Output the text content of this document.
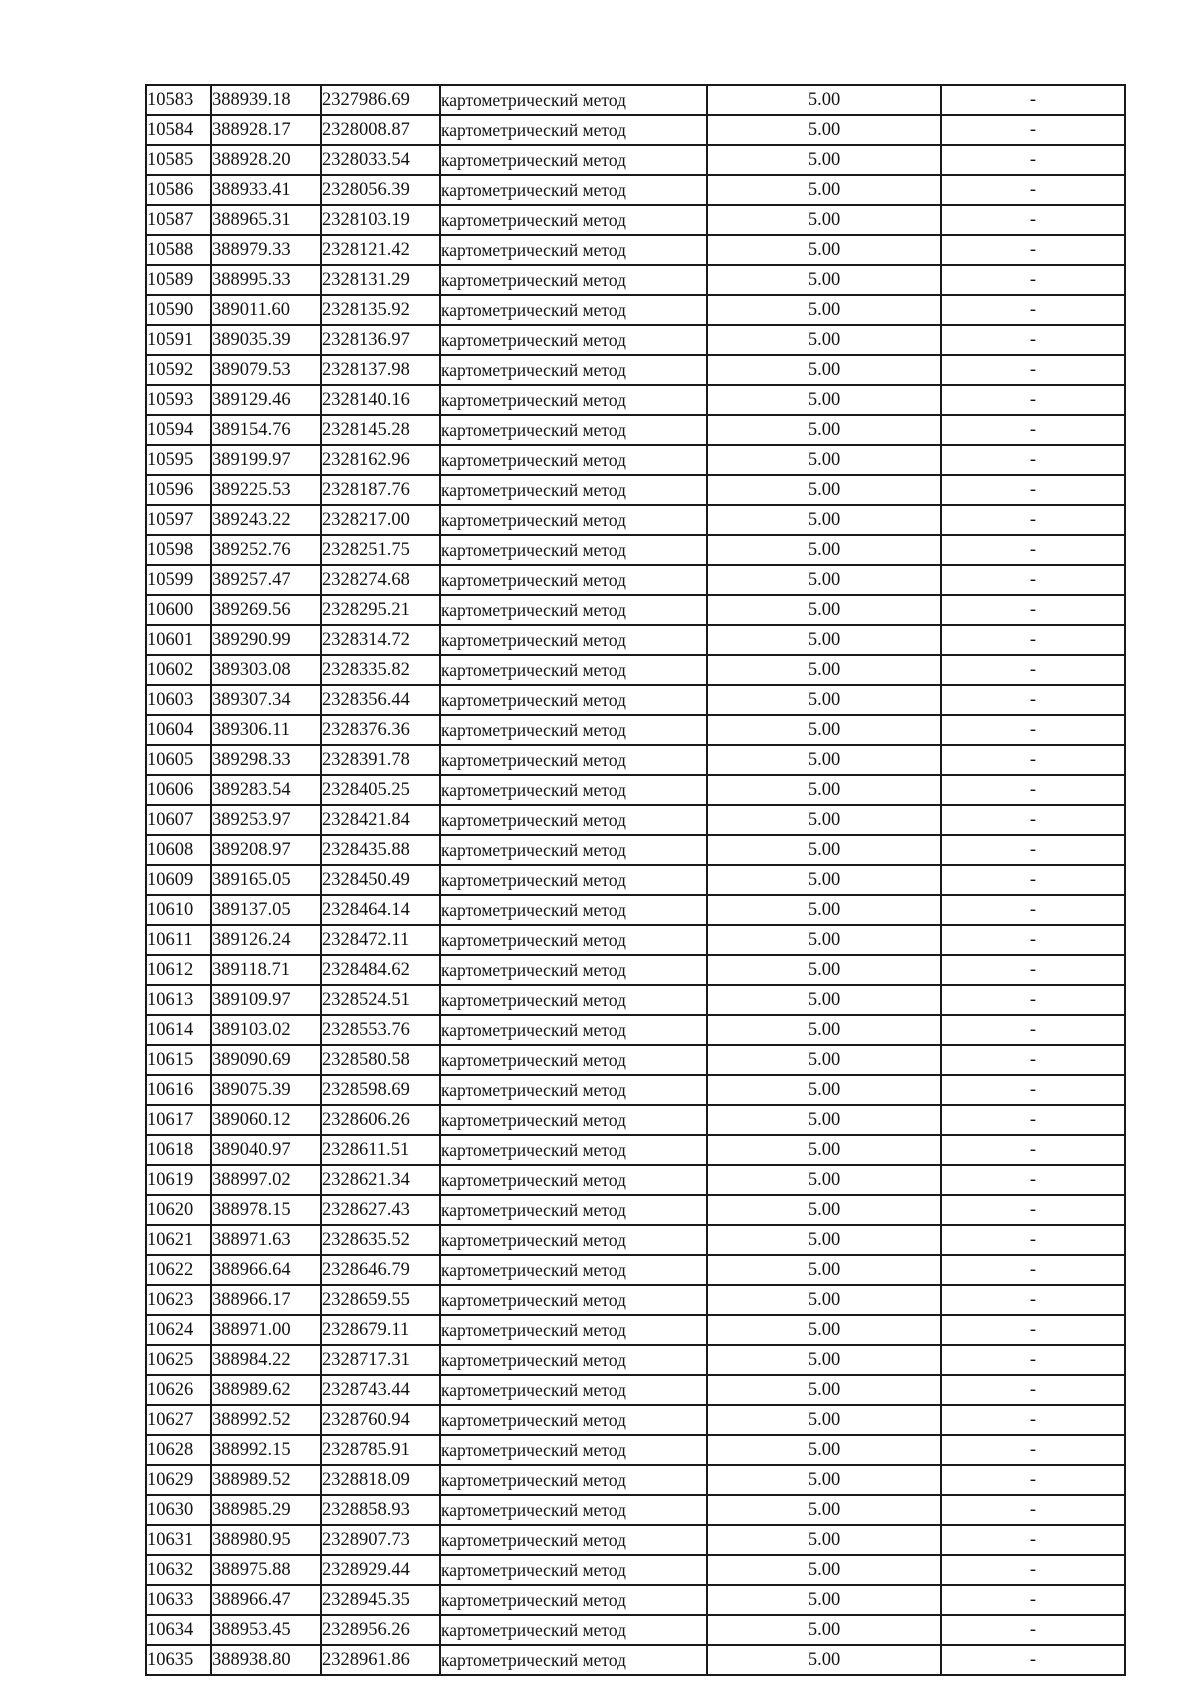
10583	388939.18	2327986.69	картометрический метод	5.00	-
10584	388928.17	2328008.87	картометрический метод	5.00	-
10585	388928.20	2328033.54	картометрический метод	5.00	-
10586	388933.41	2328056.39	картометрический метод	5.00	-
10587	388965.31	2328103.19	картометрический метод	5.00	-
10588	388979.33	2328121.42	картометрический метод	5.00	-
10589	388995.33	2328131.29	картометрический метод	5.00	-
10590	389011.60	2328135.92	картометрический метод	5.00	-
10591	389035.39	2328136.97	картометрический метод	5.00	-
10592	389079.53	2328137.98	картометрический метод	5.00	-
10593	389129.46	2328140.16	картометрический метод	5.00	-
10594	389154.76	2328145.28	картометрический метод	5.00	-
10595	389199.97	2328162.96	картометрический метод	5.00	-
10596	389225.53	2328187.76	картометрический метод	5.00	-
10597	389243.22	2328217.00	картометрический метод	5.00	-
10598	389252.76	2328251.75	картометрический метод	5.00	-
10599	389257.47	2328274.68	картометрический метод	5.00	-
10600	389269.56	2328295.21	картометрический метод	5.00	-
10601	389290.99	2328314.72	картометрический метод	5.00	-
10602	389303.08	2328335.82	картометрический метод	5.00	-
10603	389307.34	2328356.44	картометрический метод	5.00	-
10604	389306.11	2328376.36	картометрический метод	5.00	-
10605	389298.33	2328391.78	картометрический метод	5.00	-
10606	389283.54	2328405.25	картометрический метод	5.00	-
10607	389253.97	2328421.84	картометрический метод	5.00	-
10608	389208.97	2328435.88	картометрический метод	5.00	-
10609	389165.05	2328450.49	картометрический метод	5.00	-
10610	389137.05	2328464.14	картометрический метод	5.00	-
10611	389126.24	2328472.11	картометрический метод	5.00	-
10612	389118.71	2328484.62	картометрический метод	5.00	-
10613	389109.97	2328524.51	картометрический метод	5.00	-
10614	389103.02	2328553.76	картометрический метод	5.00	-
10615	389090.69	2328580.58	картометрический метод	5.00	-
10616	389075.39	2328598.69	картометрический метод	5.00	-
10617	389060.12	2328606.26	картометрический метод	5.00	-
10618	389040.97	2328611.51	картометрический метод	5.00	-
10619	388997.02	2328621.34	картометрический метод	5.00	-
10620	388978.15	2328627.43	картометрический метод	5.00	-
10621	388971.63	2328635.52	картометрический метод	5.00	-
10622	388966.64	2328646.79	картометрический метод	5.00	-
10623	388966.17	2328659.55	картометрический метод	5.00	-
10624	388971.00	2328679.11	картометрический метод	5.00	-
10625	388984.22	2328717.31	картометрический метод	5.00	-
10626	388989.62	2328743.44	картометрический метод	5.00	-
10627	388992.52	2328760.94	картометрический метод	5.00	-
10628	388992.15	2328785.91	картометрический метод	5.00	-
10629	388989.52	2328818.09	картометрический метод	5.00	-
10630	388985.29	2328858.93	картометрический метод	5.00	-
10631	388980.95	2328907.73	картометрический метод	5.00	-
10632	388975.88	2328929.44	картометрический метод	5.00	-
10633	388966.47	2328945.35	картометрический метод	5.00	-
10634	388953.45	2328956.26	картометрический метод	5.00	-
10635	388938.80	2328961.86	картометрический метод	5.00	-
